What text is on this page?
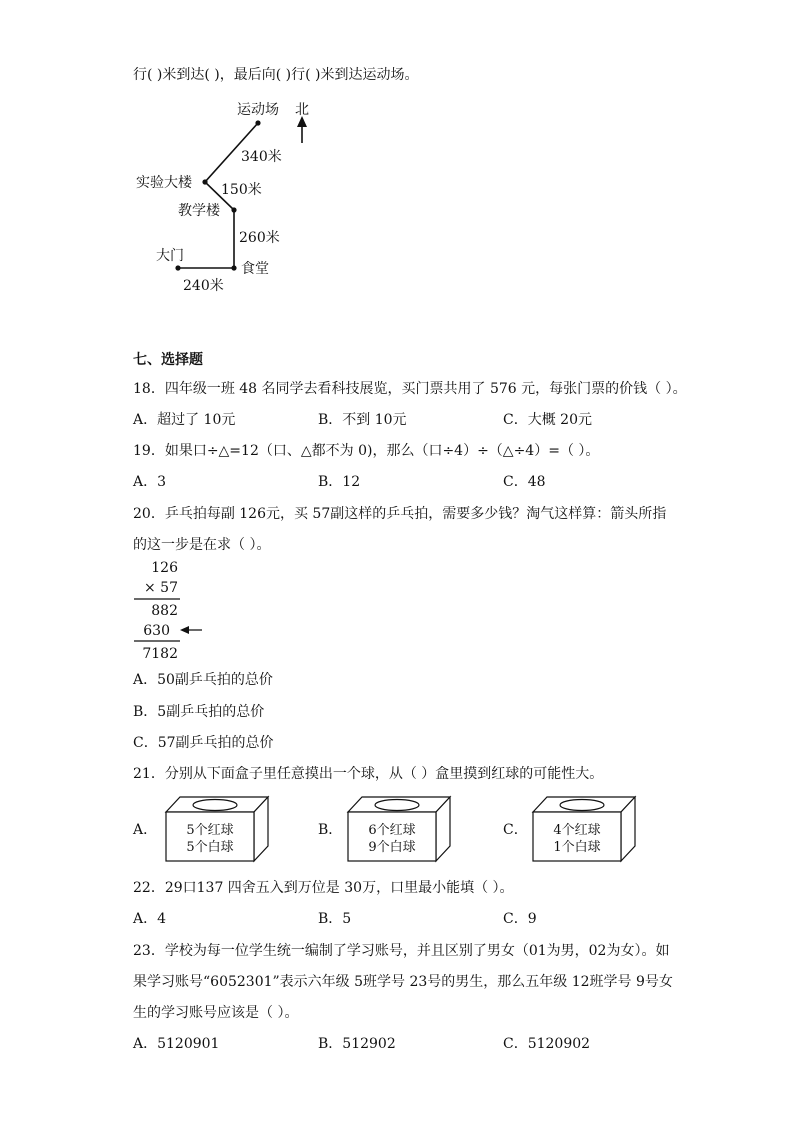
行( )米到达( )，最后向( )行( )米到达运动场。
运动场 北
340米
实验大楼 150米
教学楼
260米
大门
食堂
240米
七、选择题
18．四年级一班 48 名同学去看科技展览，买门票共用了 576 元，每张门票的价钱（ ）。
A．超过了 10元	B．不到 10元	C．大概 20元
19．如果口÷△=12（口、△都不为 0)，那么（口÷4）÷（△÷4）=（ ）。
A．3	B．12	C．48
20．乒乓拍每副 126元，买 57副这样的乒乓拍，需要多少钱？淘气这样算：箭头所指
的这一步是在求（ ）。
126
× 57
882
630
7182
A．50副乒乓拍的总价
B．5副乒乓拍的总价
C．57副乒乓拍的总价
21．分别从下面盒子里任意摸出一个球，从（ ）盒里摸到红球的可能性大。
A． 5个红球
5个白球
B． 6个红球
9个白球
C． 4个红球
1个白球
22．29口137 四舍五入到万位是 30万，口里最小能填（ ）。
A．4	B．5	C．9
23．学校为每一位学生统一编制了学习账号，并且区别了男女（01为男，02为女）。如
果学习账号“6052301”表示六年级 5班学号 23号的男生，那么五年级 12班学号 9号女
生的学习账号应该是（ ）。
A．5120901	B．512902	C．5120902
